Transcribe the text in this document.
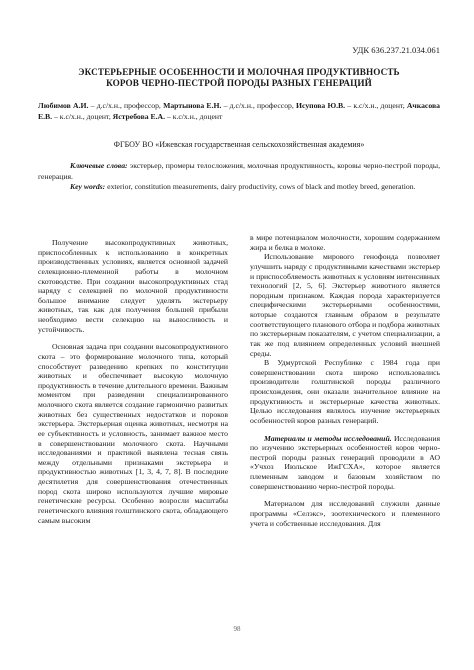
УДК 636.237.21.034.061
ЭКСТЕРЬЕРНЫЕ ОСОБЕННОСТИ И МОЛОЧНАЯ ПРОДУКТИВНОСТЬ
КОРОВ ЧЕРНО-ПЕСТРОЙ ПОРОДЫ РАЗНЫХ ГЕНЕРАЦИЙ
Любимов А.И. – д.с/х.н., профессор, Мартынова Е.Н. – д.с/х.н., профессор, Исупова Ю.В. – к.с/х.н., доцент, Ачкасова Е.В. – к.с/х.н., доцент, Ястребова Е.А. – к.с/х.н., доцент
ФГБОУ ВО «Ижевская государственная сельскохозяйственная академия»

Ключевые слова: экстерьер, промеры телосложения, молочная продуктивность, коровы черно-пестрой породы, генерация.

Key words: exterior, constitution measurements, dairy productivity, cows of black and motley breed, generation.

Получение высокопродуктивных животных, приспособленных к использованию в конкретных производственных условиях, является основной задачей селекционно-племенной работы в молочном скотоводстве. При создании высокопродуктивных стад наряду с селекцией по молочной продуктивности большое внимание следует уделять экстерьеру животных, так как для получения большей прибыли необходимо вести селекцию на выносливость и устойчивость.

Основная задача при создании высокопродуктивного скота – это формирование молочного типа, который способствует разведению крепких по конституции животных и обеспечивает высокую молочную продуктивность в течение длительного времени. Важным моментом при разведении специализированного молочного скота является создание гармонично развитых животных без существенных недостатков и пороков экстерьера. Экстерьерная оценка животных, несмотря на ее субъективность и условность, занимает важное место в совершенствовании молочного скота. Научными исследованиями и практикой выявлена тесная связь между отдельными признаками экстерьера и продуктивностью животных [1, 3, 4, 7, 8]. В последние десятилетия для совершенствования отечественных пород скота широко используются лучшие мировые генетические ресурсы. Особенно возросли масштабы генетического влияния голштинского скота, обладающего самым высоким

в мире потенциалом молочности, хорошим содержанием жира и белка в молоке.

Использование мирового генофонда позволяет улучшить наряду с продуктивными качествами экстерьер и приспособляемость животных к условиям интенсивных технологий [2, 5, 6]. Экстерьер животного является породным признаком. Каждая порода характеризуется специфическими экстерьерными особенностями, которые создаются главным образом в результате соответствующего планового отбора и подбора животных по экстерьерным показателям, с учетом специализации, а так же под влиянием определенных условий внешней среды.

В Удмуртской Республике с 1984 года при совершенствовании скота широко использовались производители голштинской породы различного происхождения, они оказали значительное влияние на продуктивность и экстерьерные качества животных. Целью исследования являлось изучение экстерьерных особенностей коров разных генераций.

Материалы и методы исследований. Исследования по изучению экстерьерных особенностей коров черно-пестрой породы разных генераций проводили в АО «Учхоз Июльское ИжГСХА», которое является племенным заводом и базовым хозяйством по совершенствованию черно-пестрой породы.

Материалом для исследований служили данные программы «Селэкс», зоотехнического и племенного учета и собственные исследования. Для

98
